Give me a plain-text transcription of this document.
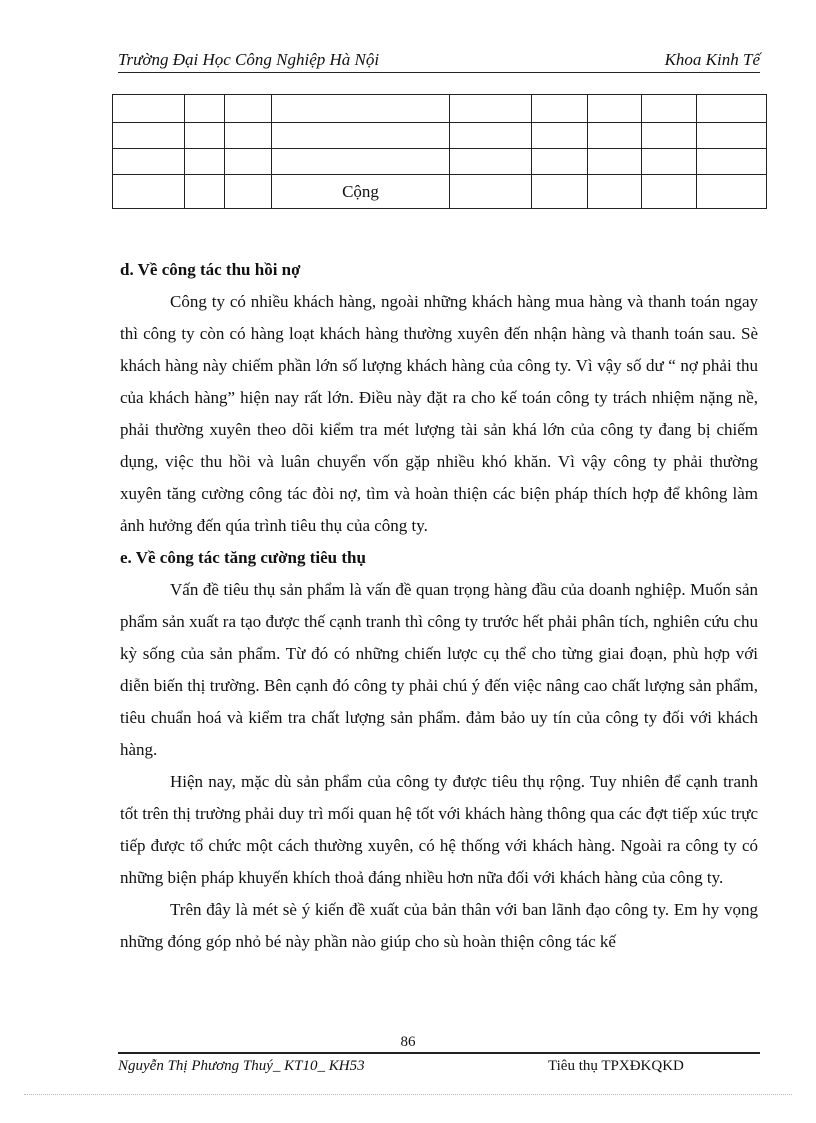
Trường Đại Học Công Nghiệp Hà Nội	Khoa Kinh Tế

			Cộng					
d. Về công tác thu hồi nợ

Công ty có nhiều khách hàng, ngoài những khách hàng mua hàng và thanh toán ngay thì công ty còn có hàng loạt khách hàng thường xuyên đến nhận hàng và thanh toán sau. Sè khách hàng này chiếm phần lớn số lượng khách hàng của công ty. Vì vậy số dư “ nợ phải thu của khách hàng” hiện nay rất lớn. Điều này đặt ra cho kế toán công ty trách nhiệm nặng nề, phải thường xuyên theo dõi kiểm tra mét lượng tài sản khá lớn của công ty đang bị chiếm dụng, việc thu hồi và luân chuyển vốn gặp nhiều khó khăn. Vì vậy công ty phải thường xuyên tăng cường công tác đòi nợ, tìm và hoàn thiện các biện pháp thích hợp để không làm ảnh hưởng đến qúa trình tiêu thụ của công ty.

e. Về công tác tăng cường tiêu thụ

Vấn đề tiêu thụ sản phẩm là vấn đề quan trọng hàng đầu của doanh nghiệp. Muốn sản phẩm sản xuất ra tạo được thế cạnh tranh thì công ty trước hết phải phân tích, nghiên cứu chu kỳ sống của sản phẩm. Từ đó có những chiến lược cụ thể cho từng giai đoạn, phù hợp với diễn biến thị trường. Bên cạnh đó công ty phải chú ý đến việc nâng cao chất lượng sản phẩm, tiêu chuẩn hoá và kiểm tra chất lượng sản phẩm. đảm bảo uy tín của công ty đối với khách hàng.

Hiện nay, mặc dù sản phẩm của công ty được tiêu thụ rộng. Tuy nhiên để cạnh tranh tốt trên thị trường phải duy trì mối quan hệ tốt với khách hàng thông qua các đợt tiếp xúc trực tiếp được tổ chức một cách thường xuyên, có hệ thống với khách hàng. Ngoài ra công ty có những biện pháp khuyến khích thoả đáng nhiều hơn nữa đối với khách hàng của công ty.

Trên đây là mét sè ý kiến đề xuất của bản thân với ban lãnh đạo công ty. Em hy vọng những đóng góp nhỏ bé này phần nào giúp cho sù hoàn thiện công tác kế

86
Nguyễn Thị Phương Thuý_ KT10_ KH53	Tiêu thụ TPXĐKQKD
